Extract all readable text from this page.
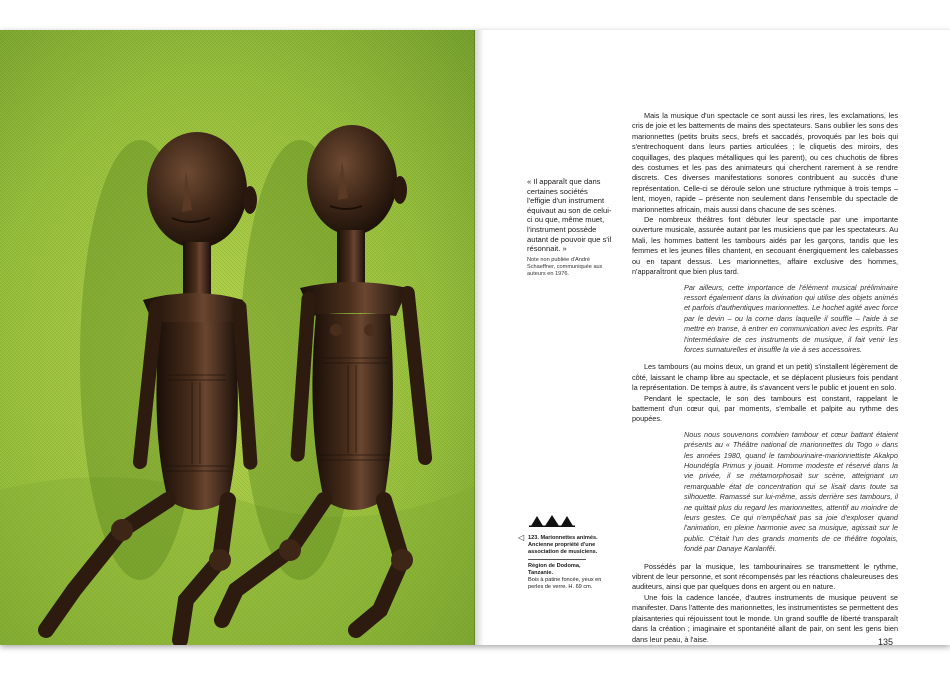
« Il apparaît que dans certaines sociétés l'effigie d'un instrument équivaut au son de celui-ci ou que, même muet, l'instrument possède autant de pouvoir que s'il résonnait. »

Note non publiée d'André Schaeffner, communiquée aux auteurs en 1976.
◁ 123. Marionnettes animés. Ancienne propriété d'une association de musiciens.
Région de Dodoma, Tanzanie.
Bois à patine foncée, yeux en perles de verre. H. 69 cm.

Mais la musique d'un spectacle ce sont aussi les rires, les exclamations, les cris de joie et les battements de mains des spectateurs. Sans oublier les sons des marionnettes (petits bruits secs, brefs et saccadés, provoqués par les bois qui s'entrechoquent dans leurs parties articulées ; le cliquetis des miroirs, des coquillages, des plaques métalliques qui les parent), ou ces chuchotis de fibres des costumes et les pas des animateurs qui cherchent rarement à se rendre discrets. Ces diverses manifestations sonores contribuent au succès d'une représentation. Celle-ci se déroule selon une structure rythmique à trois temps – lent, moyen, rapide – présente non seulement dans l'ensemble du spectacle de marionnettes africain, mais aussi dans chacune de ses scènes.

De nombreux théâtres font débuter leur spectacle par une importante ouverture musicale, assurée autant par les musiciens que par les spectateurs. Au Mali, les hommes battent les tambours aidés par les garçons, tandis que les femmes et les jeunes filles chantent, en secouant énergiquement les calebasses ou en tapant dessus. Les marionnettes, affaire exclusive des hommes, n'apparaîtront que bien plus tard.

Par ailleurs, cette importance de l'élément musical préliminaire ressort également dans la divination qui utilise des objets animés et parfois d'authentiques marionnettes. Le hochet agité avec force par le devin – ou la corne dans laquelle il souffle – l'aide à se mettre en transe, à entrer en communication avec les esprits. Par l'intermédiaire de ces instruments de musique, il fait venir les forces surnaturelles et insuffle la vie à ses accessoires.

Les tambours (au moins deux, un grand et un petit) s'installent légèrement de côté, laissant le champ libre au spectacle, et se déplacent plusieurs fois pendant la représentation. De temps à autre, ils s'avancent vers le public et jouent en solo.

Pendant le spectacle, le son des tambours est constant, rappelant le battement d'un cœur qui, par moments, s'emballe et palpite au rythme des poupées.

Nous nous souvenons combien tambour et cœur battant étaient présents au « Théâtre national de marionnettes du Togo » dans les années 1980, quand le tambourinaire-marionnettiste Akakpo Houndégla Primus y jouait. Homme modeste et réservé dans la vie privée, il se métamorphosait sur scène, atteignant un remarquable état de concentration qui se lisait dans toute sa silhouette. Ramassé sur lui-même, assis derrière ses tambours, il ne quittait plus du regard les marionnettes, attentif au moindre de leurs gestes. Ce qui n'empêchait pas sa joie d'exploser quand l'animation, en pleine harmonie avec sa musique, agissait sur le public. C'était l'un des grands moments de ce théâtre togolais, fondé par Danaye Kanlanfêi.

Possédés par la musique, les tambourinaires se transmettent le rythme, vibrent de leur personne, et sont récompensés par les réactions chaleureuses des auditeurs, ainsi que par quelques dons en argent ou en nature.

Une fois la cadence lancée, d'autres instruments de musique peuvent se manifester. Dans l'attente des marionnettes, les instrumentistes se permettent des plaisanteries qui réjouissent tout le monde. Un grand souffle de liberté transparaît dans la création ; imaginaire et spontanéité allant de pair, on sent les gens bien dans leur peau, à l'aise.	135
